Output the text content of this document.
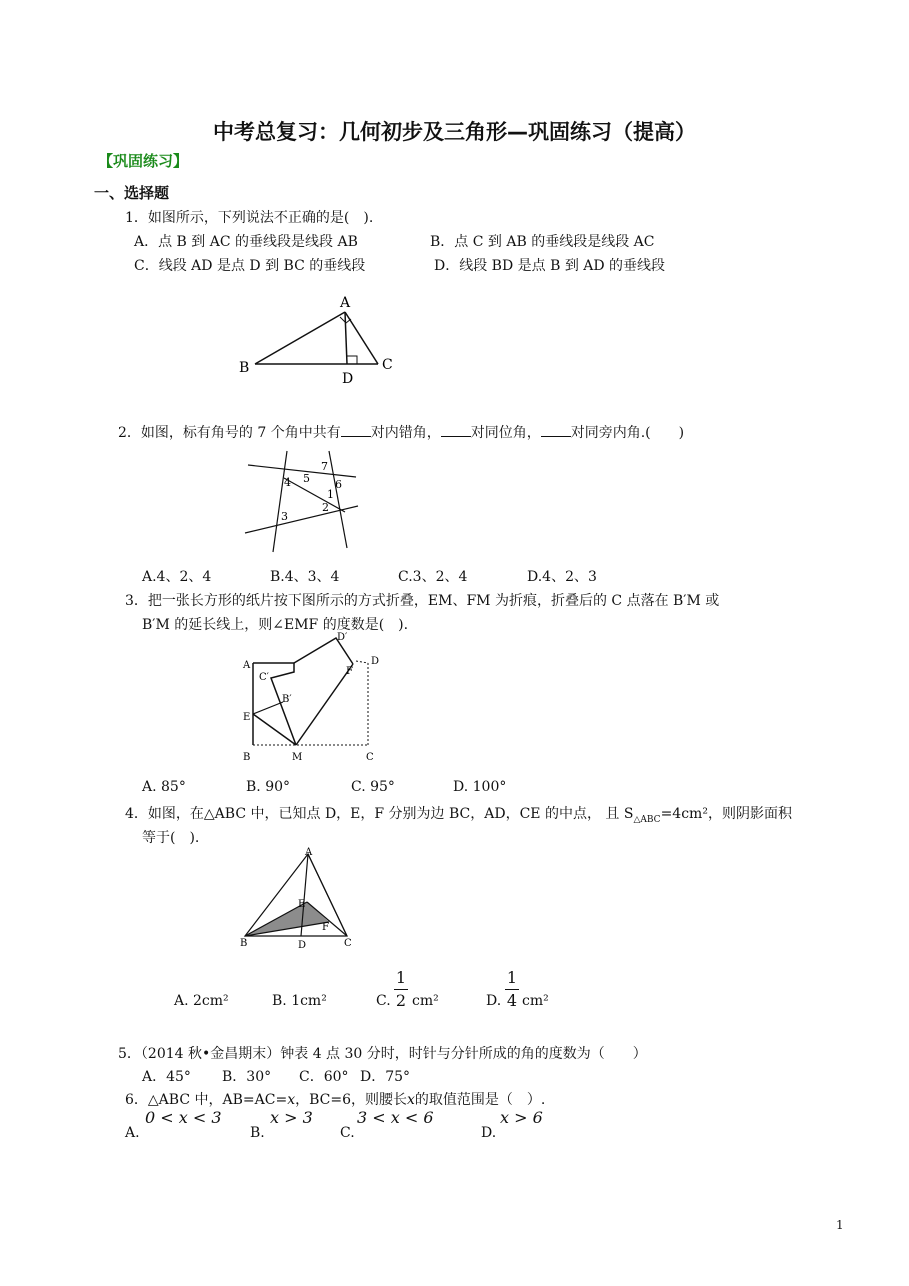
中考总复习：几何初步及三角形—巩固练习（提高）
【巩固练习】
一、选择题
1．如图所示，下列说法不正确的是(　).
A．点 B 到 AC 的垂线段是线段 AB	B．点 C 到 AB 的垂线段是线段 AC
C．线段 AD 是点 D 到 BC 的垂线段	D．线段 BD 是点 B 到 AD 的垂线段
A
B	C
D
2．如图，标有角号的 7 个角中共有 对内错角， 对同位角， 对同旁内角.(　　)
7
4 5 6
1
2
3
A.4、2、4	B.4、3、4	C.3、2、4	D.4、2、3
3．把一张长方形的纸片按下图所示的方式折叠，EM、FM 为折痕，折叠后的 C 点落在 B′M 或
B′M 的延长线上，则∠EMF 的度数是(　).
A
C′
B′
E
B	M	C
D′
D
F
A. 85°	B. 90°	C. 95°	D. 100°
4．如图，在△ABC 中，已知点 D，E，F 分别为边 BC，AD，CE 的中点， 且 $S_{\triangle ABC}=4cm^2$，则阴影面积
等于(　).
A
E
F
B	D	C
A. 2cm²	B. 1cm²	C.
1
2 cm²	D.
1
4 cm²
5．（2014 秋•金昌期末）钟表 4 点 30 分时，时针与分针所成的角的度数为（　　）
A．45° B．30° C．60° D．75°
6．△ABC 中，AB=AC=x，BC=6，则腰长x的取值范围是（　）.
A.
0 < x < 3
B.
x > 3
C.
3 < x < 6
D.
x > 6
1
